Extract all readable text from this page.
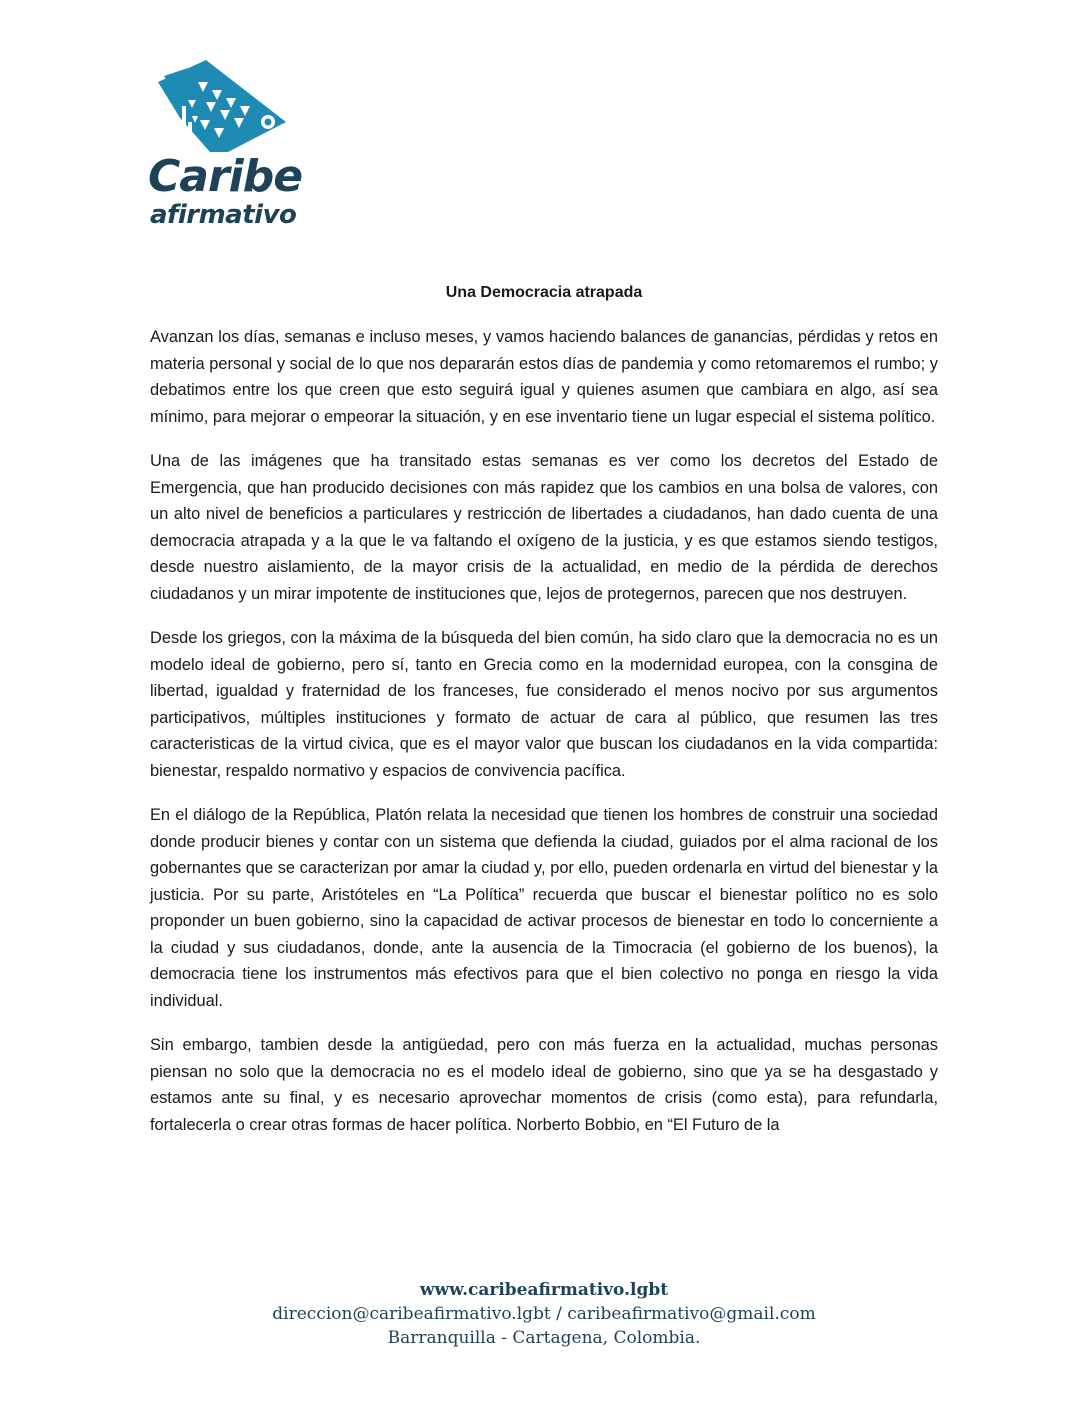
Caribe
afirmativo
Una Democracia atrapada

Avanzan los días, semanas e incluso meses, y vamos haciendo balances de ganancias, pérdidas y retos en materia personal y social de lo que nos depararán estos días de pandemia y como retomaremos el rumbo; y debatimos entre los que creen que esto seguirá igual y quienes asumen que cambiara en algo, así sea mínimo, para mejorar o empeorar la situación, y en ese inventario tiene un lugar especial el sistema político.

Una de las imágenes que ha transitado estas semanas es ver como los decretos del Estado de Emergencia, que han producido decisiones con más rapidez que los cambios en una bolsa de valores, con un alto nivel de beneficios a particulares y restricción de libertades a ciudadanos, han dado cuenta de una democracia atrapada y a la que le va faltando el oxígeno de la justicia, y es que estamos siendo testigos, desde nuestro aislamiento, de la mayor crisis de la actualidad, en medio de la pérdida de derechos ciudadanos y un mirar impotente de instituciones que, lejos de protegernos, parecen que nos destruyen.

Desde los griegos, con la máxima de la búsqueda del bien común, ha sido claro que la democracia no es un modelo ideal de gobierno, pero sí, tanto en Grecia como en la modernidad europea, con la consgina de libertad, igualdad y fraternidad de los franceses, fue considerado el menos nocivo por sus argumentos participativos, múltiples instituciones y formato de actuar de cara al público, que resumen las tres caracteristicas de la virtud civica, que es el mayor valor que buscan los ciudadanos en la vida compartida: bienestar, respaldo normativo y espacios de convivencia pacífica.

En el diálogo de la República, Platón relata la necesidad que tienen los hombres de construir una sociedad donde producir bienes y contar con un sistema que defienda la ciudad, guiados por el alma racional de los gobernantes que se caracterizan por amar la ciudad y, por ello, pueden ordenarla en virtud del bienestar y la justicia. Por su parte, Aristóteles en “La Política” recuerda que buscar el bienestar político no es solo proponder un buen gobierno, sino la capacidad de activar procesos de bienestar en todo lo concerniente a la ciudad y sus ciudadanos, donde, ante la ausencia de la Timocracia (el gobierno de los buenos), la democracia tiene los instrumentos más efectivos para que el bien colectivo no ponga en riesgo la vida individual.

Sin embargo, tambien desde la antigüedad, pero con más fuerza en la actualidad, muchas personas piensan no solo que la democracia no es el modelo ideal de gobierno, sino que ya se ha desgastado y estamos ante su final, y es necesario aprovechar momentos de crisis (como esta), para refundarla, fortalecerla o crear otras formas de hacer política. Norberto Bobbio, en “El Futuro de la

www.caribeafirmativo.lgbt
direccion@caribeafirmativo.lgbt / caribeafirmativo@gmail.com
Barranquilla - Cartagena, Colombia.
